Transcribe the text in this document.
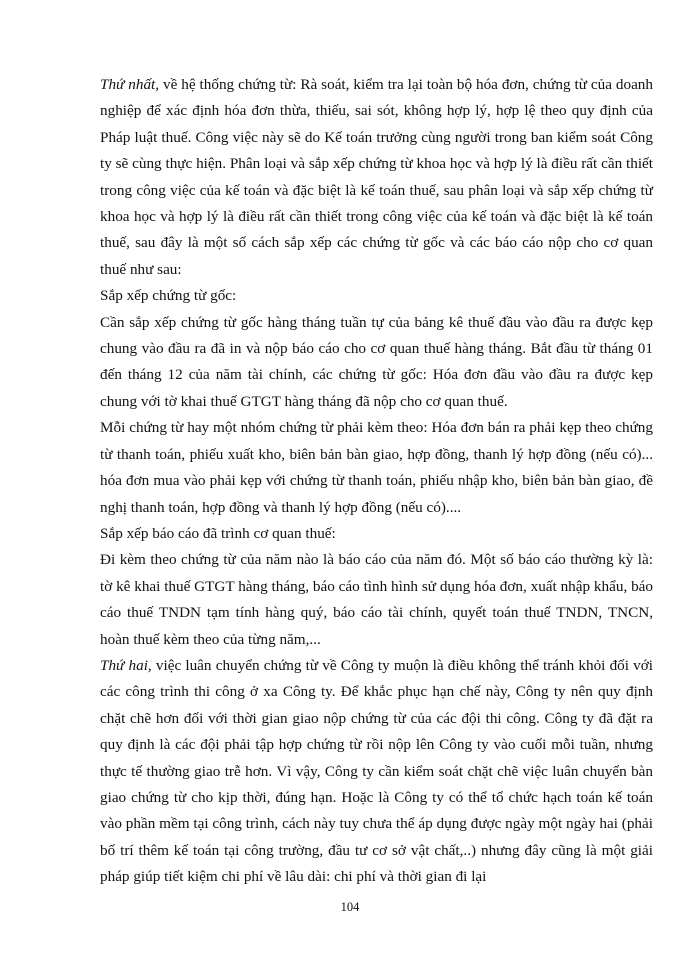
Thứ nhất, về hệ thống chứng từ: Rà soát, kiểm tra lại toàn bộ hóa đơn, chứng từ của doanh nghiệp để xác định hóa đơn thừa, thiếu, sai sót, không hợp lý, hợp lệ theo quy định của Pháp luật thuế. Công việc này sẽ do Kế toán trưởng cùng người trong ban kiểm soát Công ty sẽ cùng thực hiện. Phân loại và sắp xếp chứng từ khoa học và hợp lý là điều rất cần thiết trong công việc của kế toán và đặc biệt là kế toán thuế, sau phân loại và sắp xếp chứng từ khoa học và hợp lý là điều rất cần thiết trong công việc của kế toán và đặc biệt là kế toán thuế, sau đây là một số cách sắp xếp các chứng từ gốc và các báo cáo nộp cho cơ quan thuế như sau:

Sắp xếp chứng từ gốc:

Cần sắp xếp chứng từ gốc hàng tháng tuần tự của bảng kê thuế đầu vào đầu ra được kẹp chung vào đầu ra đã in và nộp báo cáo cho cơ quan thuế hàng tháng. Bắt đầu từ tháng 01 đến tháng 12 của năm tài chính, các chứng từ gốc: Hóa đơn đầu vào đầu ra được kẹp chung với tờ khai thuế GTGT hàng tháng đã nộp cho cơ quan thuế.

Mỗi chứng từ hay một nhóm chứng từ phải kèm theo: Hóa đơn bán ra phải kẹp theo chứng từ thanh toán, phiếu xuất kho, biên bản bàn giao, hợp đồng, thanh lý hợp đồng (nếu có)... hóa đơn mua vào phải kẹp với chứng từ thanh toán, phiếu nhập kho, biên bản bàn giao, đề nghị thanh toán, hợp đồng và thanh lý hợp đồng (nếu có)....

Sắp xếp báo cáo đã trình cơ quan thuế:

Đi kèm theo chứng từ của năm nào là báo cáo của năm đó. Một số báo cáo thường kỳ là: tờ kê khai thuế GTGT hàng tháng, báo cáo tình hình sử dụng hóa đơn, xuất nhập khẩu, báo cáo thuế TNDN tạm tính hàng quý, báo cáo tài chính, quyết toán thuế TNDN, TNCN, hoàn thuế kèm theo của từng năm,...

Thứ hai, việc luân chuyển chứng từ về Công ty muộn là điều không thể tránh khỏi đối với các công trình thi công ở xa Công ty. Để khắc phục hạn chế này, Công ty nên quy định chặt chẽ hơn đối với thời gian giao nộp chứng từ của các đội thi công. Công ty đã đặt ra quy định là các đội phải tập hợp chứng từ rồi nộp lên Công ty vào cuối mỗi tuần, nhưng thực tế thường giao trễ hơn. Vì vậy, Công ty cần kiểm soát chặt chẽ việc luân chuyển bàn giao chứng từ cho kịp thời, đúng hạn. Hoặc là Công ty có thể tổ chức hạch toán kế toán vào phần mềm tại công trình, cách này tuy chưa thể áp dụng được ngày một ngày hai (phải bố trí thêm kế toán tại công trường, đầu tư cơ sở vật chất,..) nhưng đây cũng là một giải pháp giúp tiết kiệm chi phí về lâu dài: chi phí và thời gian đi lại

104
